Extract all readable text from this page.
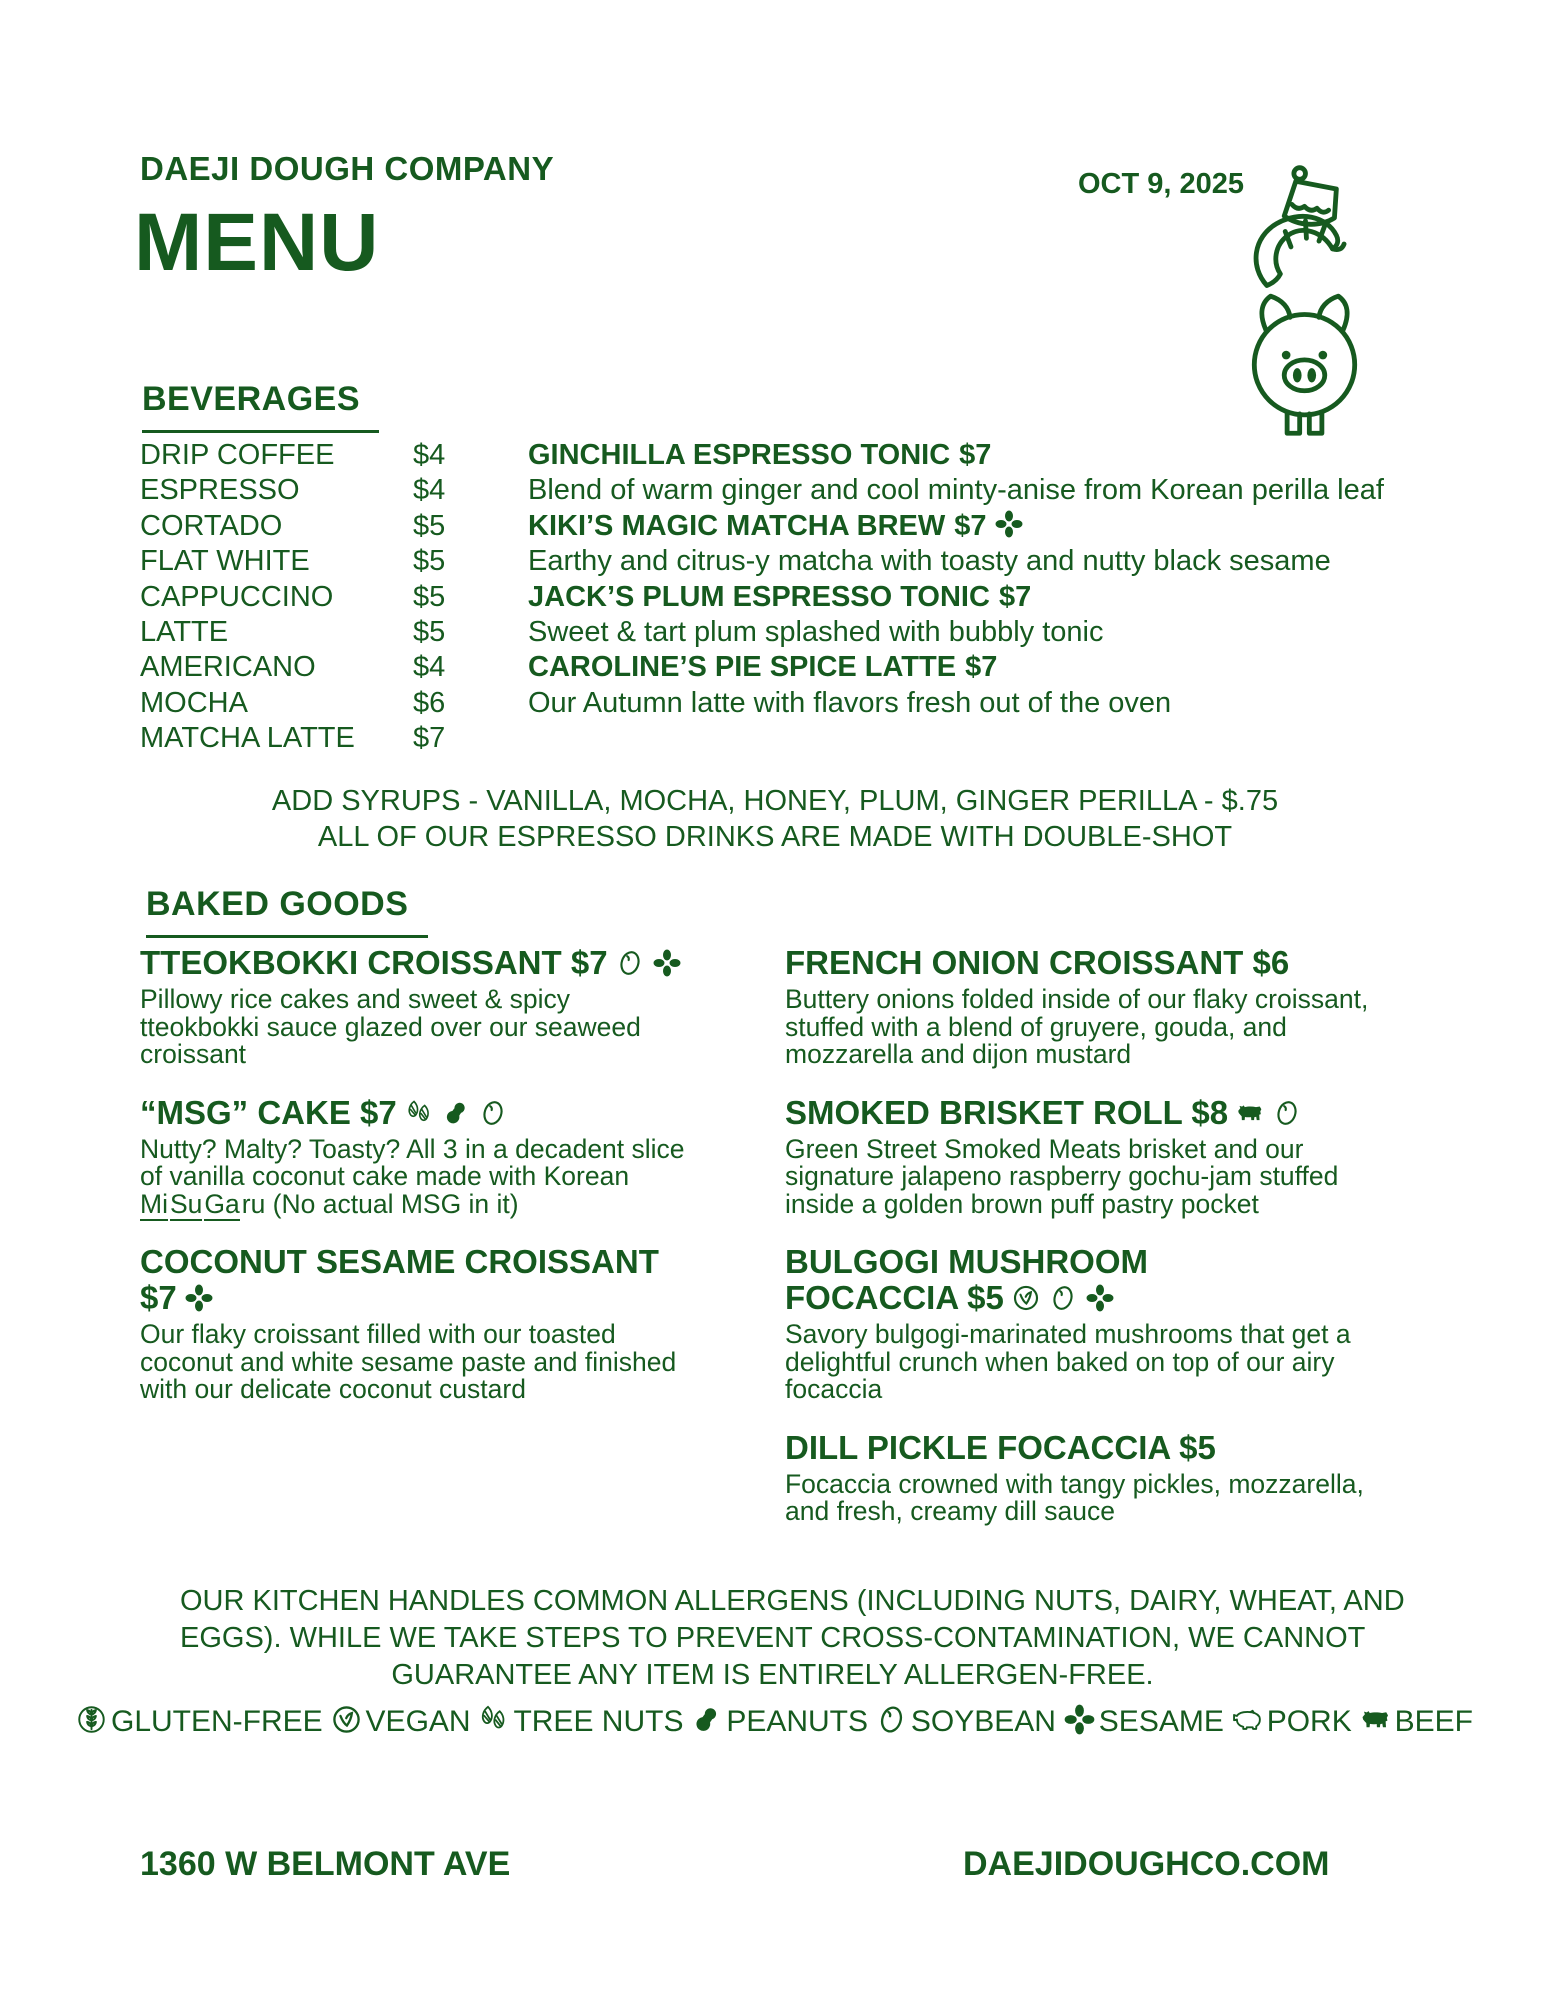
DAEJI DOUGH COMPANY
MENU
OCT 9, 2025
BEVERAGES
DRIP COFFEE	$4
ESPRESSO	$4
CORTADO	$5
FLAT WHITE	$5
CAPPUCCINO	$5
LATTE	$5
AMERICANO	$4
MOCHA	$6
MATCHA LATTE $7
GINCHILLA ESPRESSO TONIC $7
Blend of warm ginger and cool minty-anise from Korean perilla leaf
KIKI’S MAGIC MATCHA BREW $7
Earthy and citrus-y matcha with toasty and nutty black sesame
JACK’S PLUM ESPRESSO TONIC $7
Sweet & tart plum splashed with bubbly tonic
CAROLINE’S PIE SPICE LATTE $7
Our Autumn latte with flavors fresh out of the oven

ADD SYRUPS - VANILLA, MOCHA, HONEY, PLUM, GINGER PERILLA - $.75

ALL OF OUR ESPRESSO DRINKS ARE MADE WITH DOUBLE-SHOT

BAKED GOODS
TTEOKBOKKI CROISSANT $7

Pillowy rice cakes and sweet & spicy tteokbokki sauce glazed over our seaweed croissant

“MSG” CAKE $7

Nutty? Malty? Toasty? All 3 in a decadent slice of vanilla coconut cake made with Korean MiSuGaru (No actual MSG in it)

COCONUT SESAME CROISSANT
$7

Our flaky croissant filled with our toasted coconut and white sesame paste and finished with our delicate coconut custard

FRENCH ONION CROISSANT $6

Buttery onions folded inside of our flaky croissant, stuffed with a blend of gruyere, gouda, and mozzarella and dijon mustard

SMOKED BRISKET ROLL $8

Green Street Smoked Meats brisket and our signature jalapeno raspberry gochu-jam stuffed inside a golden brown puff pastry pocket

BULGOGI MUSHROOM
FOCACCIA $5

Savory bulgogi-marinated mushrooms that get a delightful crunch when baked on top of our airy focaccia

DILL PICKLE FOCACCIA $5

Focaccia crowned with tangy pickles, mozzarella, and fresh, creamy dill sauce

OUR KITCHEN HANDLES COMMON ALLERGENS (INCLUDING NUTS, DAIRY, WHEAT, AND
EGGS). WHILE WE TAKE STEPS TO PREVENT CROSS-CONTAMINATION, WE CANNOT
GUARANTEE ANY ITEM IS ENTIRELY ALLERGEN-FREE.
GLUTEN-FREE VEGAN TREE NUTS PEANUTS SOYBEAN SESAME PORK BEEF
1360 W BELMONT AVE	DAEJIDOUGHCO.COM
